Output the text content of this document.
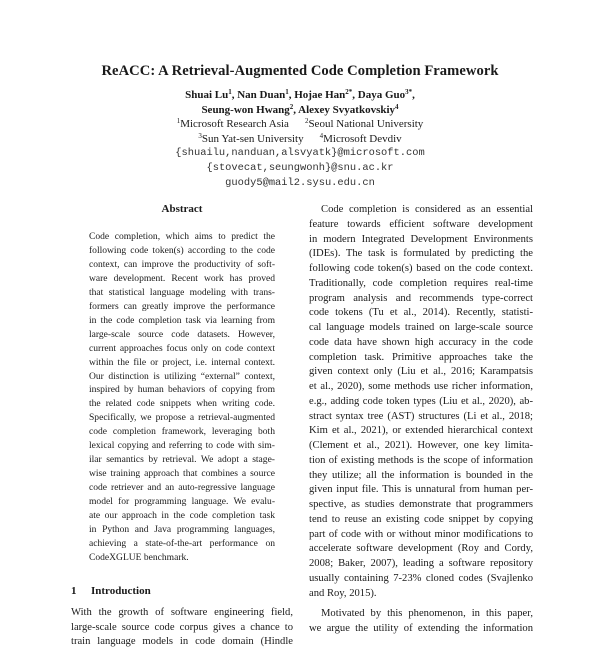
ReACC: A Retrieval-Augmented Code Completion Framework
Shuai Lu$^1$, Nan Duan$^1$, Hojae Han$^{2*}$, Daya Guo$^{3*}$,
Seung-won Hwang$^2$, Alexey Svyatkovskiy$^4$
$^1$Microsoft Research Asia $^2$Seoul National University
$^3$Sun Yat-sen University $^4$Microsoft Devdiv
{shuailu,nanduan,alsvyatk}@microsoft.com
{stovecat,seungwonh}@snu.ac.kr
guody5@mail2.sysu.edu.cn
Abstract
Code completion, which aims to predict the
following code token(s) according to the code
context, can improve the productivity of soft-
ware development. Recent work has proved
that statistical language modeling with trans-
formers can greatly improve the performance
in the code completion task via learning from
large-scale source code datasets. However,
current approaches focus only on code context
within the file or project, i.e. internal context.
Our distinction is utilizing “external” context,
inspired by human behaviors of copying from
the related code snippets when writing code.
Specifically, we propose a retrieval-augmented
code completion framework, leveraging both
lexical copying and referring to code with sim-
ilar semantics by retrieval. We adopt a stage-
wise training approach that combines a source
code retriever and an auto-regressive language
model for programming language. We evalu-
ate our approach in the code completion task
in Python and Java programming languages,
achieving a state-of-the-art performance on
CodeXGLUE benchmark.
1 Introduction
With the growth of software engineering field,
large-scale source code corpus gives a chance to
train language models in code domain (Hindle
Code completion is considered as an essential
feature towards efficient software development
in modern Integrated Development Environments
(IDEs). The task is formulated by predicting the
following code token(s) based on the code context.
Traditionally, code completion requires real-time
program analysis and recommends type-correct
code tokens (Tu et al., 2014). Recently, statisti-
cal language models trained on large-scale source
code data have shown high accuracy in the code
completion task. Primitive approaches take the
given context only (Liu et al., 2016; Karampatsis
et al., 2020), some methods use richer information,
e.g., adding code token types (Liu et al., 2020), ab-
stract syntax tree (AST) structures (Li et al., 2018;
Kim et al., 2021), or extended hierarchical context
(Clement et al., 2021). However, one key limita-
tion of existing methods is the scope of information
they utilize; all the information is bounded in the
given input file. This is unnatural from human per-
spective, as studies demonstrate that programmers
tend to reuse an existing code snippet by copying
part of code with or without minor modifications to
accelerate software development (Roy and Cordy,
2008; Baker, 2007), leading a software repository
usually containing 7-23% cloned codes (Svajlenko
and Roy, 2015).
Motivated by this phenomenon, in this paper,
we argue the utility of extending the information
